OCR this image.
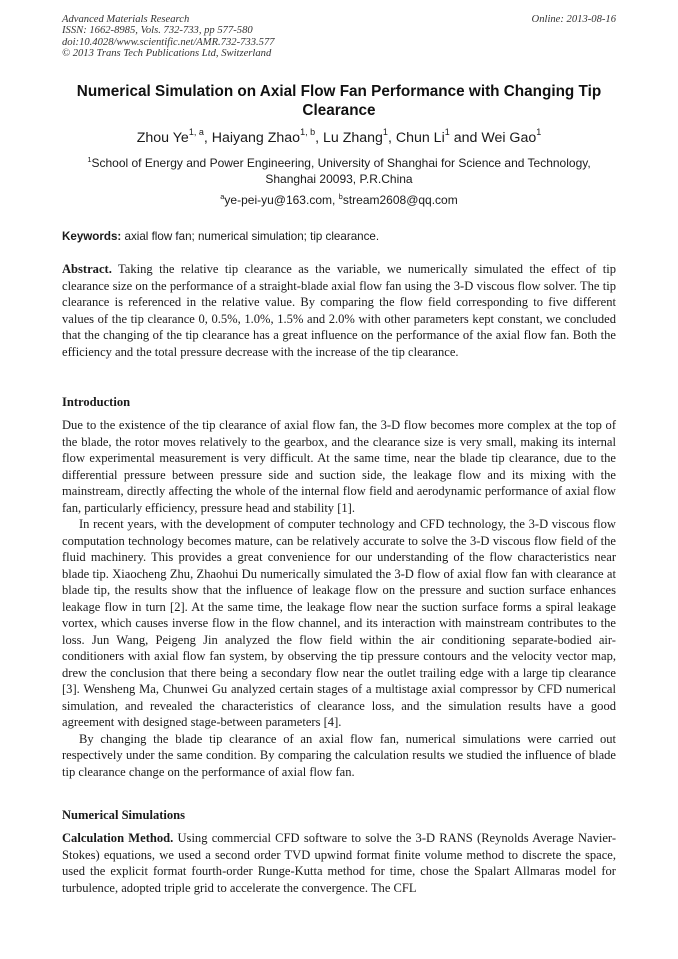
Advanced Materials Research
ISSN: 1662-8985, Vols. 732-733, pp 577-580
doi:10.4028/www.scientific.net/AMR.732-733.577
© 2013 Trans Tech Publications Ltd, Switzerland
Online: 2013-08-16
Numerical Simulation on Axial Flow Fan Performance with Changing Tip Clearance
Zhou Ye$^{1, a}$, Haiyang Zhao$^{1, b}$, Lu Zhang$^1$, Chun Li$^1$ and Wei Gao$^1$
$^1$School of Energy and Power Engineering, University of Shanghai for Science and Technology, Shanghai 20093, P.R.China
$^a$ye-pei-yu@163.com, $^b$stream2608@qq.com
Keywords: axial flow fan; numerical simulation; tip clearance.
Abstract. Taking the relative tip clearance as the variable, we numerically simulated the effect of tip clearance size on the performance of a straight-blade axial flow fan using the 3-D viscous flow solver. The tip clearance is referenced in the relative value. By comparing the flow field corresponding to five different values of the tip clearance 0, 0.5%, 1.0%, 1.5% and 2.0% with other parameters kept constant, we concluded that the changing of the tip clearance has a great influence on the performance of the axial flow fan. Both the efficiency and the total pressure decrease with the increase of the tip clearance.
Introduction

Due to the existence of the tip clearance of axial flow fan, the 3-D flow becomes more complex at the top of the blade, the rotor moves relatively to the gearbox, and the clearance size is very small, making its internal flow experimental measurement is very difficult. At the same time, near the blade tip clearance, due to the differential pressure between pressure side and suction side, the leakage flow and its mixing with the mainstream, directly affecting the whole of the internal flow field and aerodynamic performance of axial flow fan, particularly efficiency, pressure head and stability [1].

In recent years, with the development of computer technology and CFD technology, the 3-D viscous flow computation technology becomes mature, can be relatively accurate to solve the 3-D viscous flow field of the fluid machinery. This provides a great convenience for our understanding of the flow characteristics near blade tip. Xiaocheng Zhu, Zhaohui Du numerically simulated the 3-D flow of axial flow fan with clearance at blade tip, the results show that the influence of leakage flow on the pressure and suction surface enhances leakage flow in turn [2]. At the same time, the leakage flow near the suction surface forms a spiral leakage vortex, which causes inverse flow in the flow channel, and its interaction with mainstream contributes to the loss. Jun Wang, Peigeng Jin analyzed the flow field within the air conditioning separate-bodied air-conditioners with axial flow fan system, by observing the tip pressure contours and the velocity vector map, drew the conclusion that there being a secondary flow near the outlet trailing edge with a large tip clearance [3]. Wensheng Ma, Chunwei Gu analyzed certain stages of a multistage axial compressor by CFD numerical simulation, and revealed the characteristics of clearance loss, and the simulation results have a good agreement with designed stage-between parameters [4].

By changing the blade tip clearance of an axial flow fan, numerical simulations were carried out respectively under the same condition. By comparing the calculation results we studied the influence of blade tip clearance change on the performance of axial flow fan.

Numerical Simulations
Calculation Method. Using commercial CFD software to solve the 3-D RANS (Reynolds Average Navier-Stokes) equations, we used a second order TVD upwind format finite volume method to discrete the space, used the explicit format fourth-order Runge-Kutta method for time, chose the Spalart Allmaras model for turbulence, adopted triple grid to accelerate the convergence. The CFL
